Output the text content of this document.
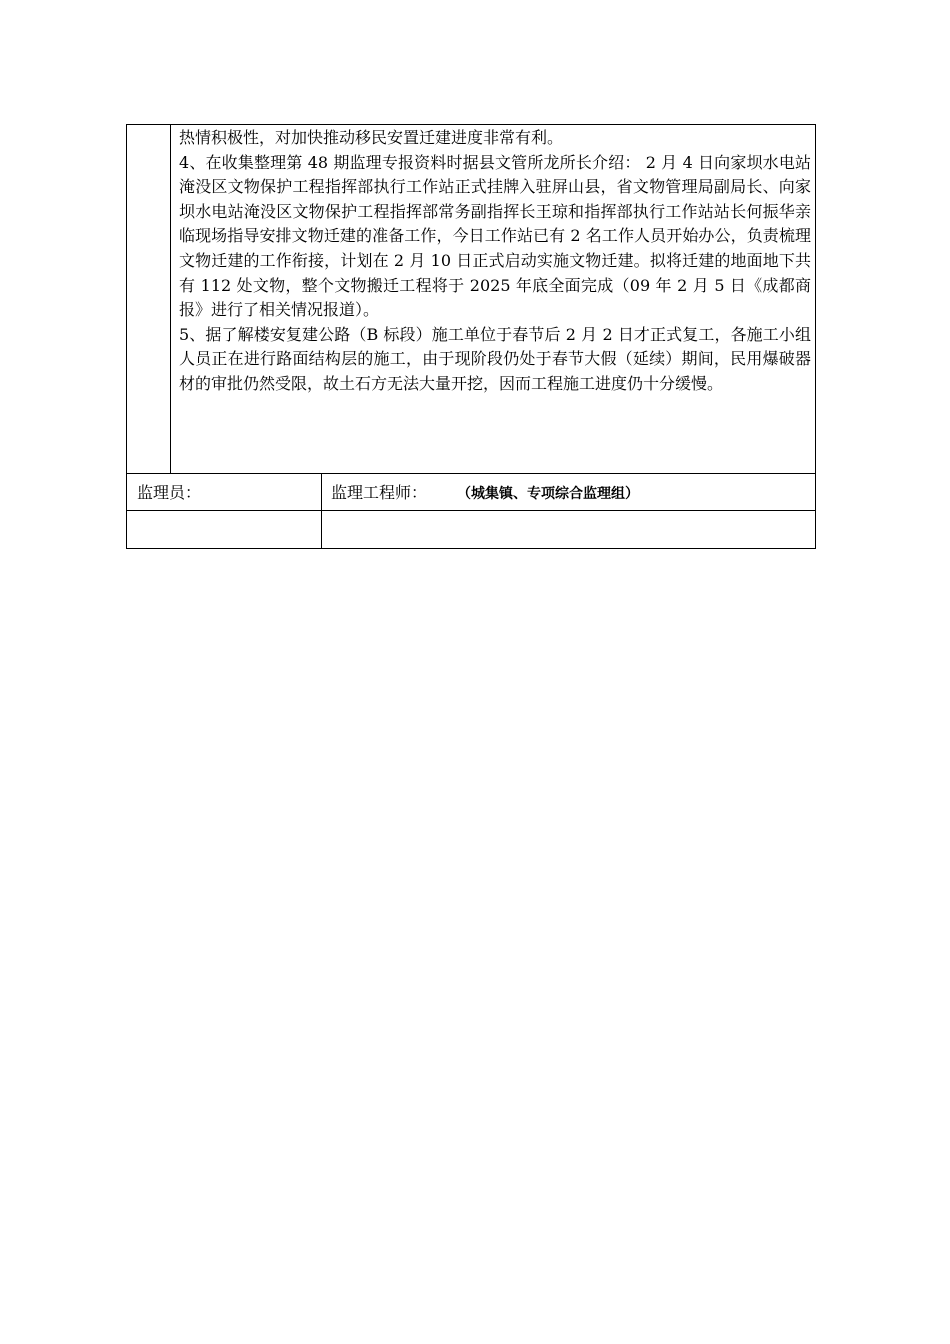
热情积极性，对加快推动移民安置迁建进度非常有利。

4、在收集整理第 48 期监理专报资料时据县文管所龙所长介绍： 2 月 4 日向家坝水电站淹没区文物保护工程指挥部执行工作站正式挂牌入驻屏山县，省文物管理局副局长、向家坝水电站淹没区文物保护工程指挥部常务副指挥长王琼和指挥部执行工作站站长何振华亲临现场指导安排文物迁建的准备工作，今日工作站已有 2 名工作人员开始办公，负责梳理文物迁建的工作衔接，计划在 2 月 10 日正式启动实施文物迁建。拟将迁建的地面地下共有 112 处文物，整个文物搬迁工程将于 2025 年底全面完成（09 年 2 月 5 日《成都商报》进行了相关情况报道）。

5、据了解楼安复建公路（B 标段）施工单位于春节后 2 月 2 日才正式复工，各施工小组人员正在进行路面结构层的施工，由于现阶段仍处于春节大假（延续）期间，民用爆破器材的审批仍然受限，故土石方无法大量开挖，因而工程施工进度仍十分缓慢。

监理员：	监理工程师： （城集镇、专项综合监理组）
